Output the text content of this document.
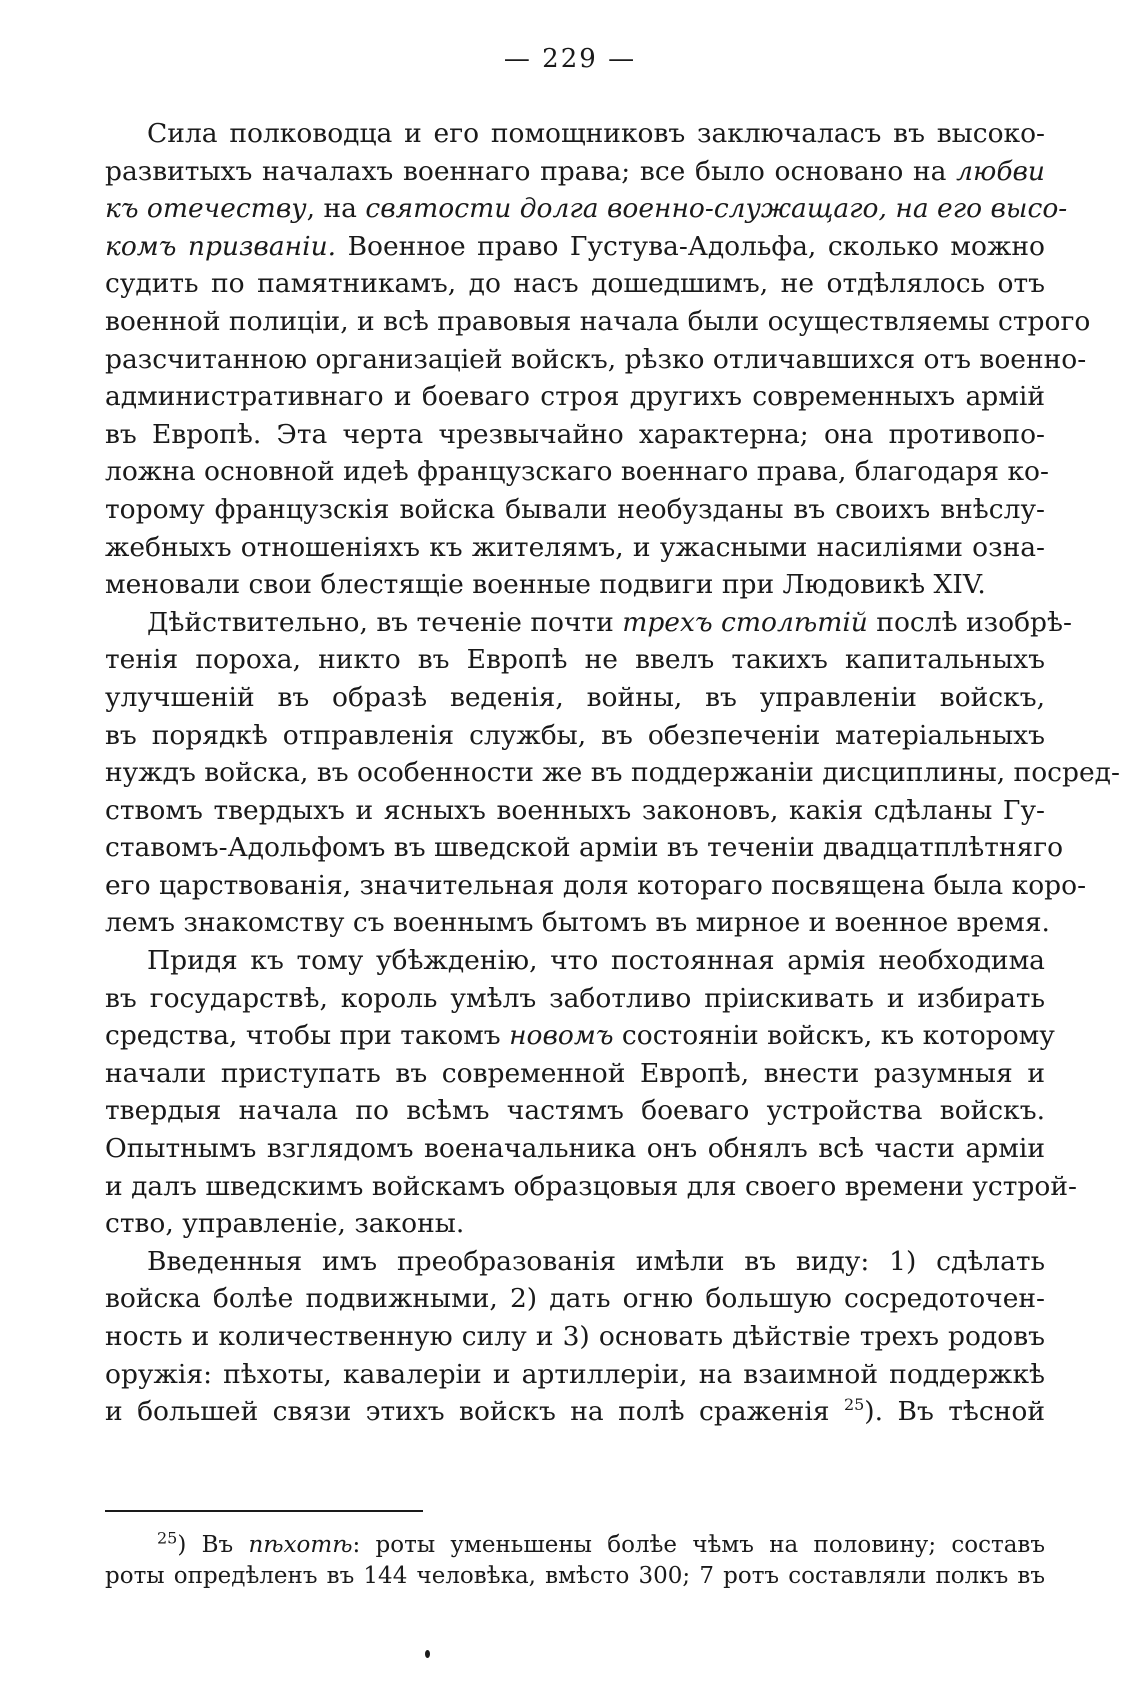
— 229 —
Сила полководца и его помощниковъ заключаласъ въ высоко-
развитыхъ началахъ военнаго права; все было основано на любви
къ отечеству, на святости долга военно-служащаго, на его высо-
комъ призваніи. Военное право Густува-Адольфа, сколько можно
судить по памятникамъ, до насъ дошедшимъ, не отдѣлялось отъ
военной полиціи, и всѣ правовыя начала были осуществляемы строго
разсчитанною организаціей войскъ, рѣзко отличавшихся отъ военно-
административнаго и боеваго строя другихъ современныхъ армій
въ Европѣ. Эта черта чрезвычайно характерна; она противопо-
ложна основной идеѣ французскаго военнаго права, благодаря ко-
торому французскія войска бывали необузданы въ своихъ внѣслу-
жебныхъ отношеніяхъ къ жителямъ, и ужасными насиліями озна-
меновали свои блестящіе военные подвиги при Людовикѣ XIV.
Дѣйствительно, въ теченіе почти трехъ столѣтій послѣ изобрѣ-
тенія пороха, никто въ Европѣ не ввелъ такихъ капитальныхъ
улучшеній въ образѣ веденія, войны, въ управленіи войскъ,
въ порядкѣ отправленія службы, въ обезпеченіи матеріальныхъ
нуждъ войска, въ особенности же въ поддержаніи дисциплины, посред-
ствомъ твердыхъ и ясныхъ военныхъ законовъ, какія сдѣланы Гу-
ставомъ-Адольфомъ въ шведской арміи въ теченіи двадцатплѣтняго
его царствованія, значительная доля котораго посвящена была коро-
лемъ знакомству съ военнымъ бытомъ въ мирное и военное время.
Придя къ тому убѣжденію, что постоянная армія необходима
въ государствѣ, король умѣлъ заботливо пріискивать и избирать
средства, чтобы при такомъ новомъ состояніи войскъ, къ которому
начали приступать въ современной Европѣ, внести разумныя и
твердыя начала по всѣмъ частямъ боеваго устройства войскъ.
Опытнымъ взглядомъ военачальника онъ обнялъ всѣ части арміи
и далъ шведскимъ войскамъ образцовыя для своего времени устрой-
ство, управленіе, законы.
Введенныя имъ преобразованія имѣли въ виду: 1) сдѣлать
войска болѣе подвижными, 2) дать огню большую сосредоточен-
ность и количественную силу и 3) основать дѣйствіе трехъ родовъ
оружія: пѣхоты, кавалеріи и артиллеріи, на взаимной поддержкѣ
и большей связи этихъ войскъ на полѣ сраженія $^{25}$). Въ тѣсной
$^{25}$) Въ пѣхотѣ: роты уменьшены болѣе чѣмъ на половину; составъ
роты опредѣленъ въ 144 человѣка, вмѣсто 300; 7 ротъ составляли полкъ въ
